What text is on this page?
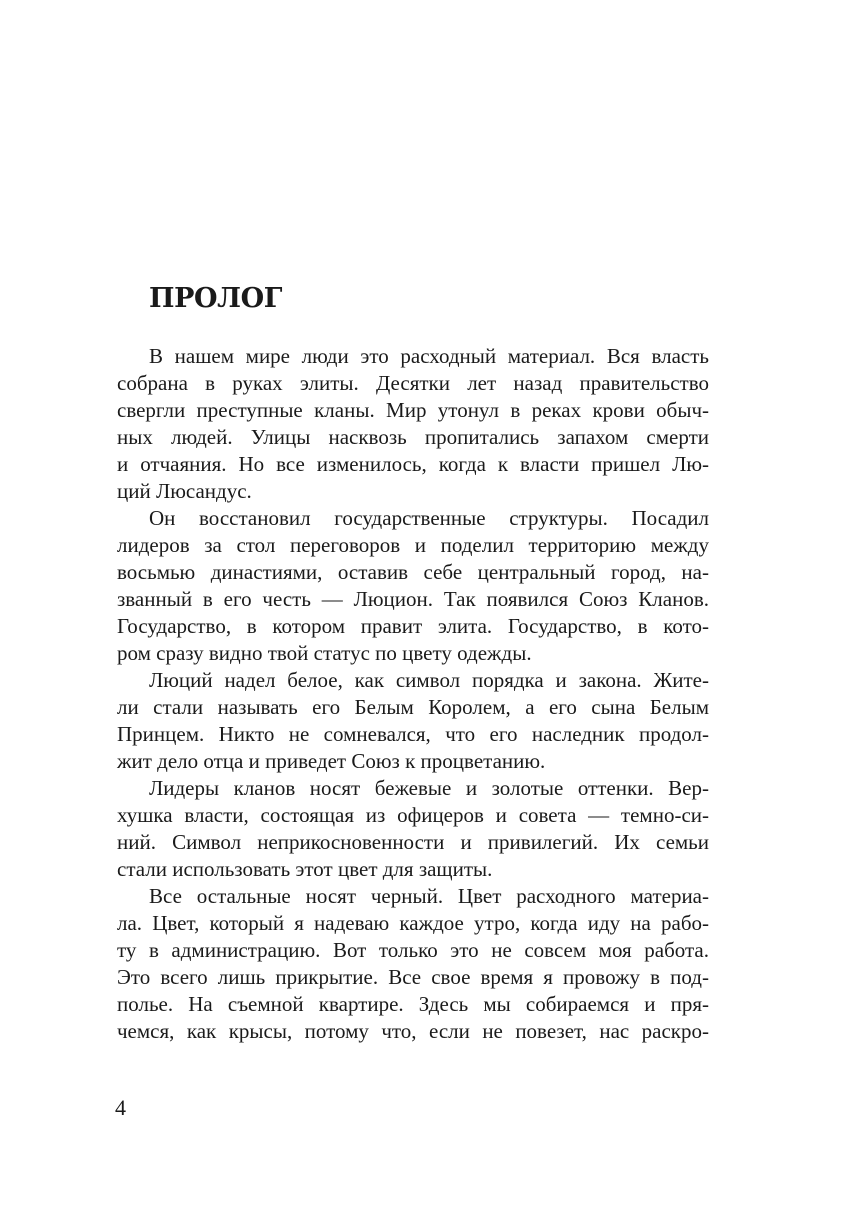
ПРОЛОГ
В нашем мире люди это расходный материал. Вся власть
собрана в руках элиты. Десятки лет назад правительство
свергли преступные кланы. Мир утонул в реках крови обыч-
ных людей. Улицы насквозь пропитались запахом смерти
и отчаяния. Но все изменилось, когда к власти пришел Лю-
ций Люсандус.
Он восстановил государственные структуры. Посадил
лидеров за стол переговоров и поделил территорию между
восьмью династиями, оставив себе центральный город, на-
званный в его честь — Люцион. Так появился Союз Кланов.
Государство, в котором правит элита. Государство, в кото-
ром сразу видно твой статус по цвету одежды.
Люций надел белое, как символ порядка и закона. Жите-
ли стали называть его Белым Королем, а его сына Белым
Принцем. Никто не сомневался, что его наследник продол-
жит дело отца и приведет Союз к процветанию.
Лидеры кланов носят бежевые и золотые оттенки. Вер-
хушка власти, состоящая из офицеров и совета — темно-си-
ний. Символ неприкосновенности и привилегий. Их семьи
стали использовать этот цвет для защиты.
Все остальные носят черный. Цвет расходного материа-
ла. Цвет, который я надеваю каждое утро, когда иду на рабо-
ту в администрацию. Вот только это не совсем моя работа.
Это всего лишь прикрытие. Все свое время я провожу в под-
полье. На съемной квартире. Здесь мы собираемся и пря-
чемся, как крысы, потому что, если не повезет, нас раскро-
4
